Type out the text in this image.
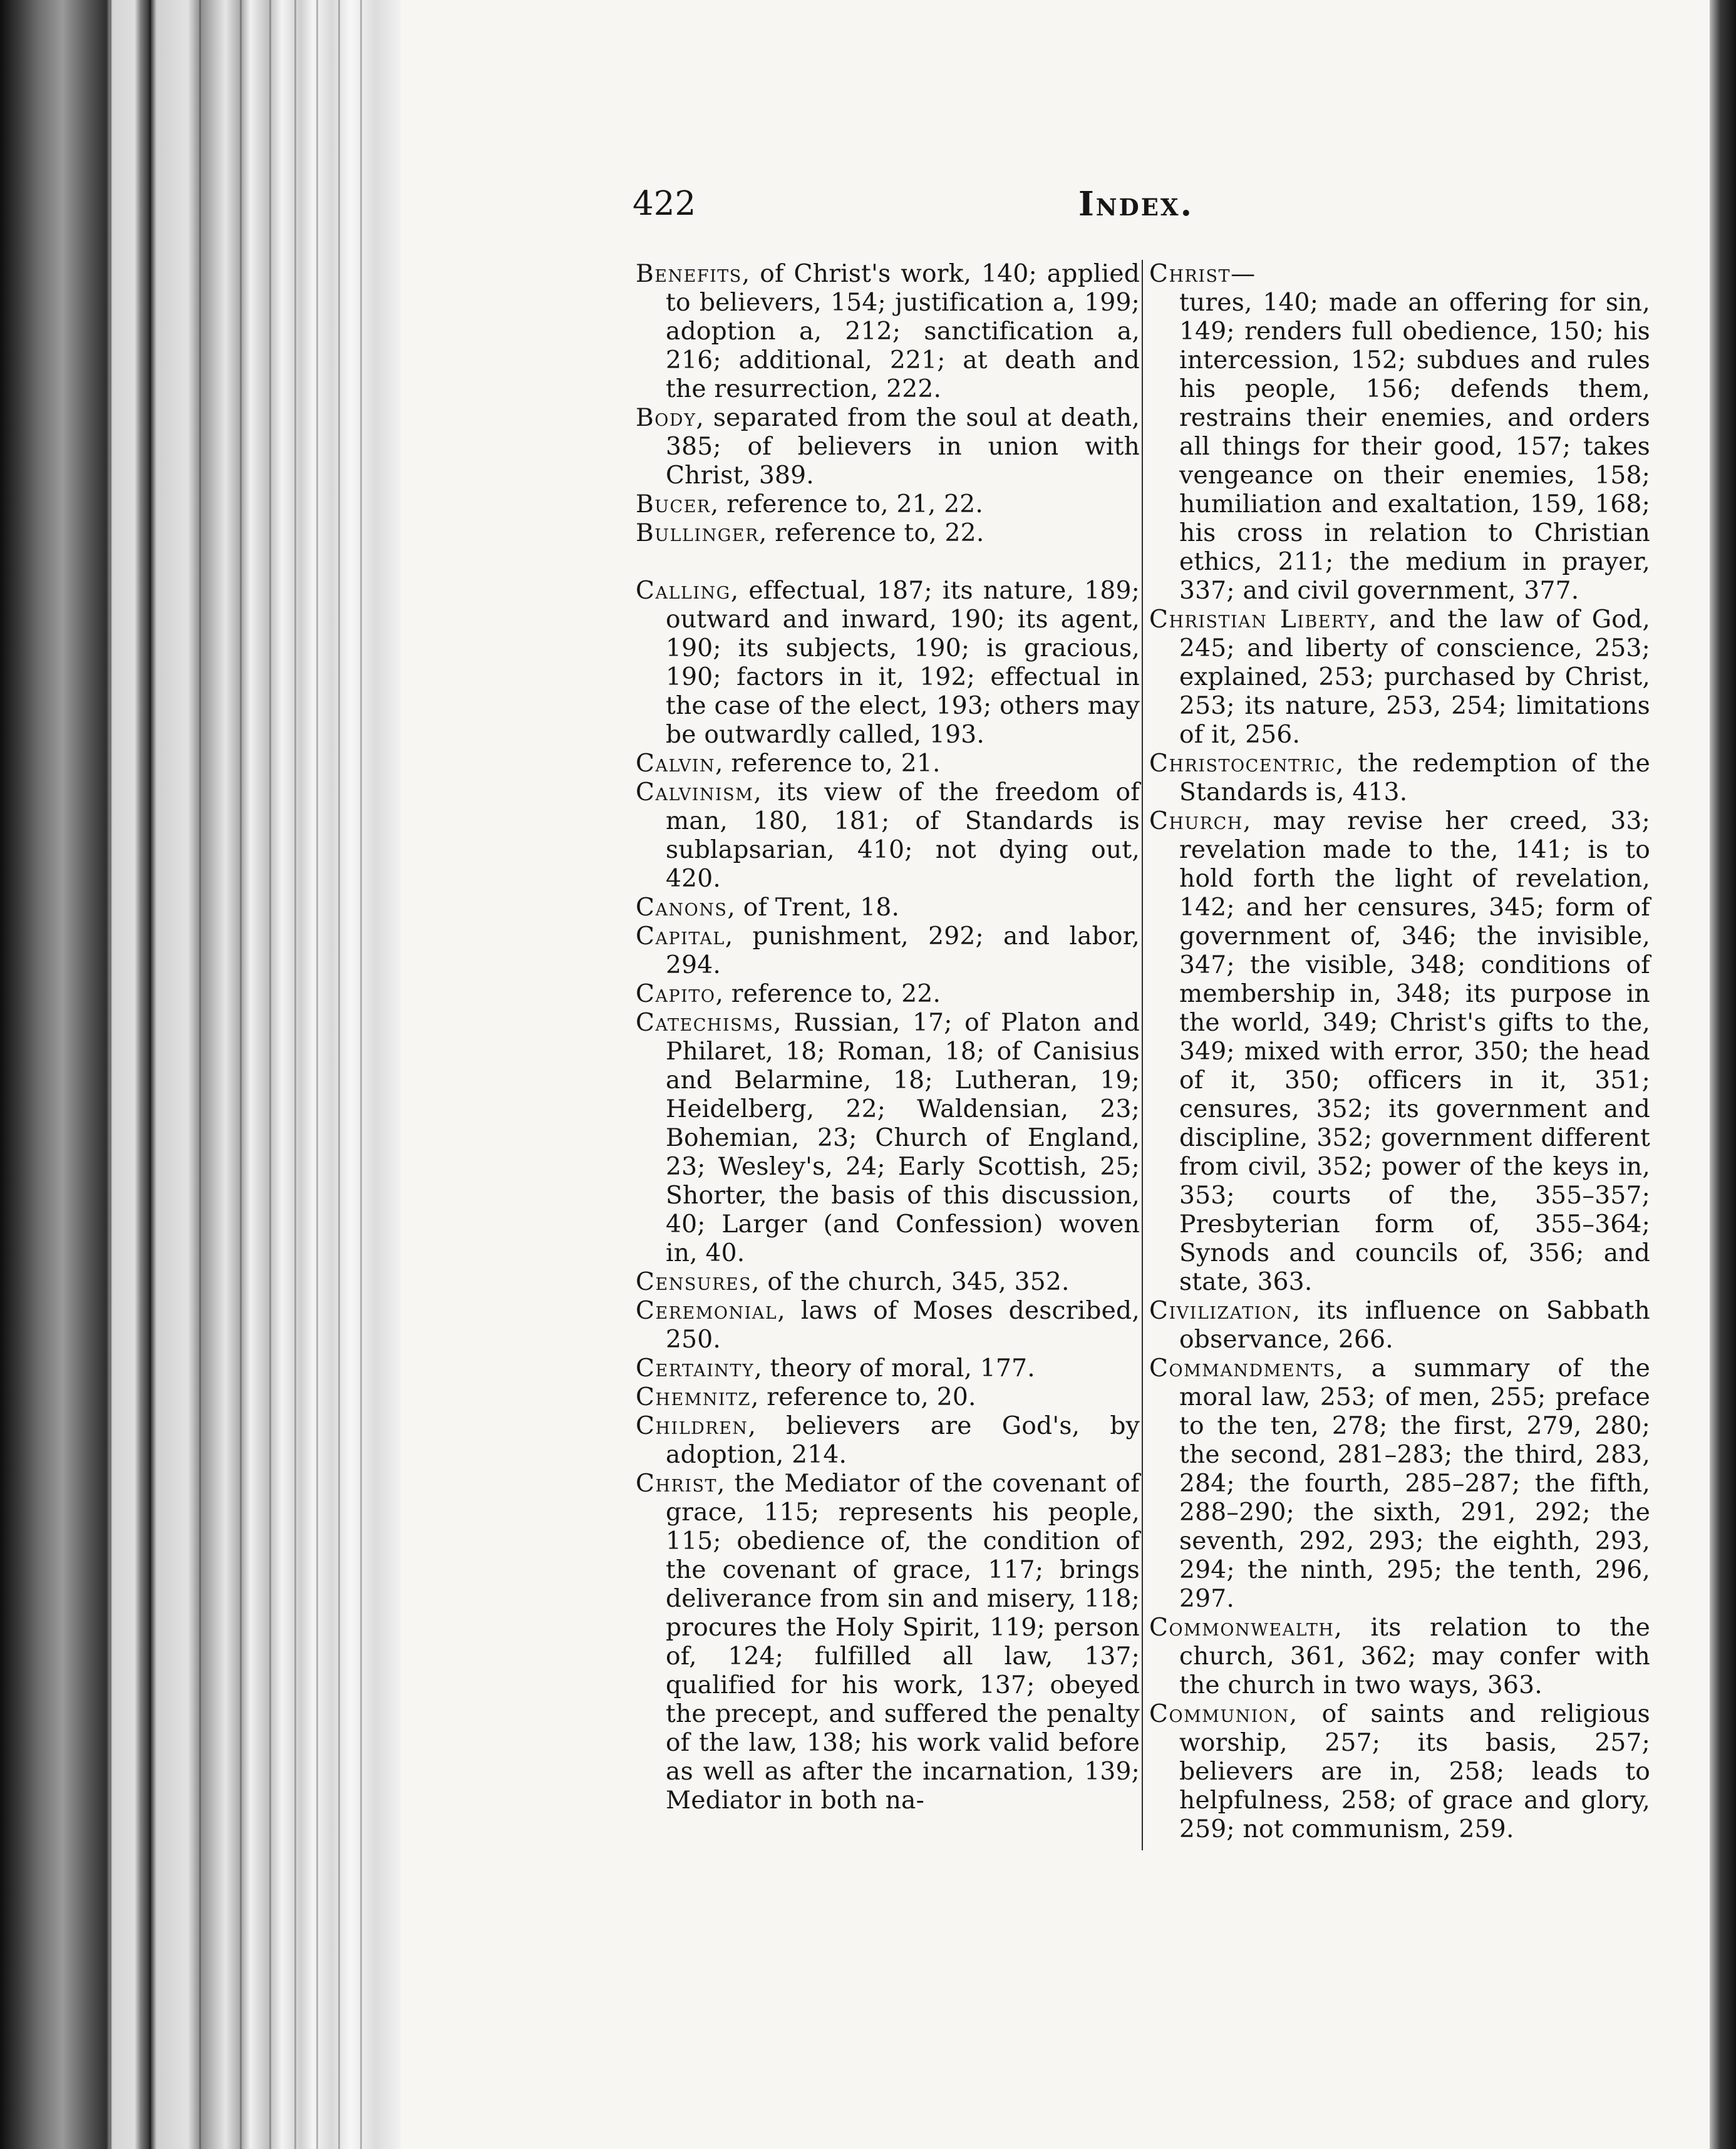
422	Index.

Benefits, of Christ's work, 140; applied to believers, 154; justification a, 199; adoption a, 212; sanctification a, 216; additional, 221; at death and the resurrection, 222.

Body, separated from the soul at death, 385; of believers in union with Christ, 389.

Bucer, reference to, 21, 22.

Bullinger, reference to, 22.

Calling, effectual, 187; its nature, 189; outward and inward, 190; its agent, 190; its subjects, 190; is gracious, 190; factors in it, 192; effectual in the case of the elect, 193; others may be outwardly called, 193.

Calvin, reference to, 21.

Calvinism, its view of the freedom of man, 180, 181; of Standards is sublapsarian, 410; not dying out, 420.

Canons, of Trent, 18.

Capital, punishment, 292; and labor, 294.

Capito, reference to, 22.

Catechisms, Russian, 17; of Platon and Philaret, 18; Roman, 18; of Canisius and Belarmine, 18; Lutheran, 19; Heidelberg, 22; Waldensian, 23; Bohemian, 23; Church of England, 23; Wesley's, 24; Early Scottish, 25; Shorter, the basis of this discussion, 40; Larger (and Confession) woven in, 40.

Censures, of the church, 345, 352.

Ceremonial, laws of Moses described, 250.

Certainty, theory of moral, 177.

Chemnitz, reference to, 20.

Children, believers are God's, by adoption, 214.

Christ, the Mediator of the covenant of grace, 115; represents his people, 115; obedience of, the condition of the covenant of grace, 117; brings deliverance from sin and misery, 118; procures the Holy Spirit, 119; person of, 124; fulfilled all law, 137; qualified for his work, 137; obeyed the precept, and suffered the penalty of the law, 138; his work valid before as well as after the incarnation, 139; Mediator in both na-

Christ—

tures, 140; made an offering for sin, 149; renders full obedience, 150; his intercession, 152; subdues and rules his people, 156; defends them, restrains their enemies, and orders all things for their good, 157; takes vengeance on their enemies, 158; humiliation and exaltation, 159, 168; his cross in relation to Christian ethics, 211; the medium in prayer, 337; and civil government, 377.

Christian Liberty, and the law of God, 245; and liberty of conscience, 253; explained, 253; purchased by Christ, 253; its nature, 253, 254; limitations of it, 256.

Christocentric, the redemption of the Standards is, 413.

Church, may revise her creed, 33; revelation made to the, 141; is to hold forth the light of revelation, 142; and her censures, 345; form of government of, 346; the invisible, 347; the visible, 348; conditions of membership in, 348; its purpose in the world, 349; Christ's gifts to the, 349; mixed with error, 350; the head of it, 350; officers in it, 351; censures, 352; its government and discipline, 352; government different from civil, 352; power of the keys in, 353; courts of the, 355–357; Presbyterian form of, 355–364; Synods and councils of, 356; and state, 363.

Civilization, its influence on Sabbath observance, 266.

Commandments, a summary of the moral law, 253; of men, 255; preface to the ten, 278; the first, 279, 280; the second, 281–283; the third, 283, 284; the fourth, 285–287; the fifth, 288–290; the sixth, 291, 292; the seventh, 292, 293; the eighth, 293, 294; the ninth, 295; the tenth, 296, 297.

Commonwealth, its relation to the church, 361, 362; may confer with the church in two ways, 363.

Communion, of saints and religious worship, 257; its basis, 257; believers are in, 258; leads to helpfulness, 258; of grace and glory, 259; not communism, 259.
